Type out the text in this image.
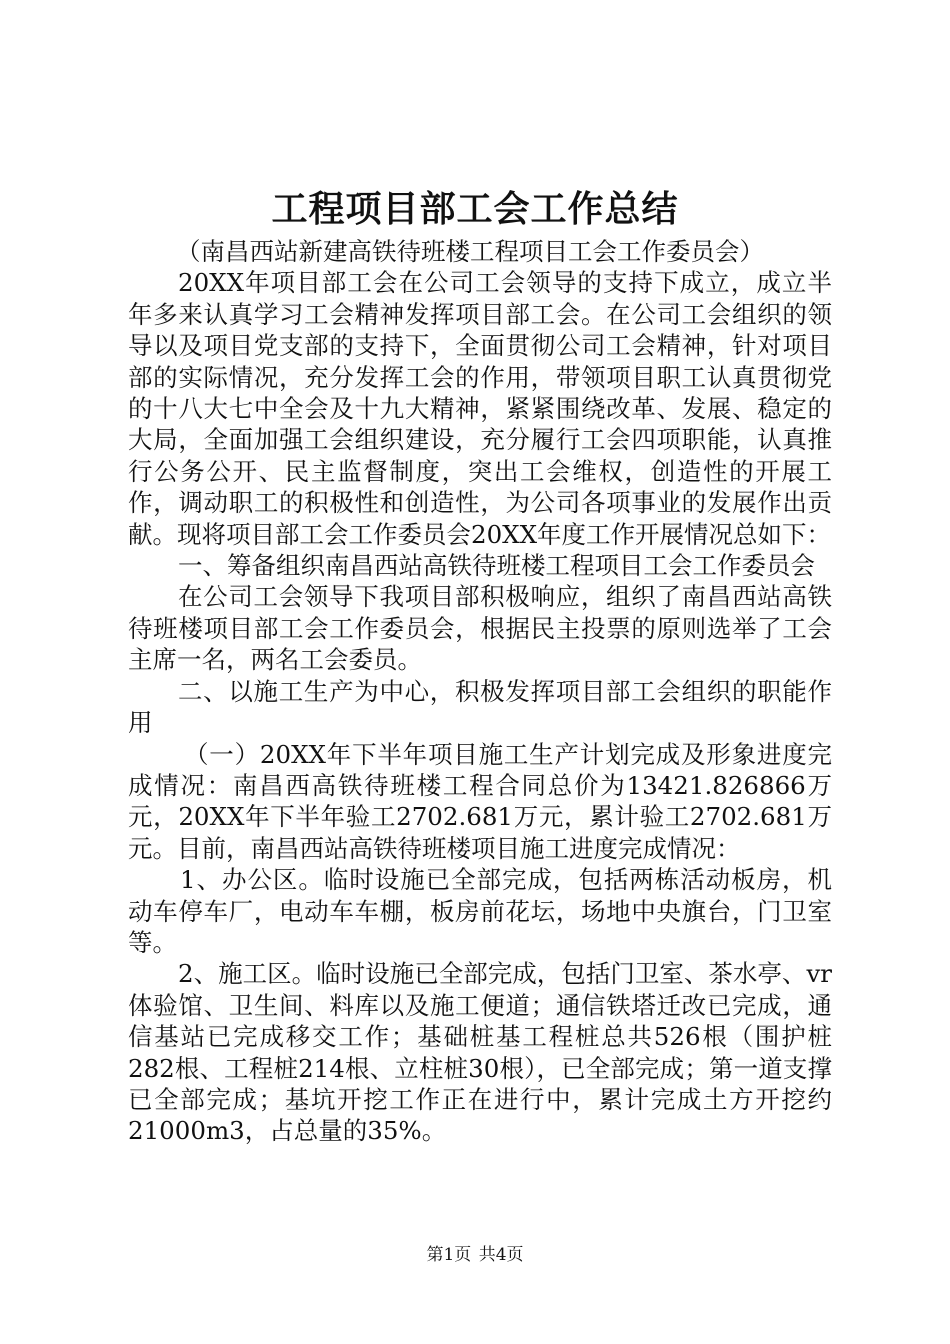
工程项目部工会工作总结

（南昌西站新建高铁待班楼工程项目工会工作委员会）

20XX年项目部工会在公司工会领导的支持下成立，成立半年多来认真学习工会精神发挥项目部工会。在公司工会组织的领导以及项目党支部的支持下，全面贯彻公司工会精神，针对项目部的实际情况，充分发挥工会的作用，带领项目职工认真贯彻党的十八大七中全会及十九大精神，紧紧围绕改革、发展、稳定的大局，全面加强工会组织建设，充分履行工会四项职能，认真推行公务公开、民主监督制度，突出工会维权，创造性的开展工作，调动职工的积极性和创造性，为公司各项事业的发展作出贡献。现将项目部工会工作委员会20XX年度工作开展情况总如下：

一、筹备组织南昌西站高铁待班楼工程项目工会工作委员会

在公司工会领导下我项目部积极响应，组织了南昌西站高铁待班楼项目部工会工作委员会，根据民主投票的原则选举了工会主席一名，两名工会委员。

二、以施工生产为中心，积极发挥项目部工会组织的职能作用

（一）20XX年下半年项目施工生产计划完成及形象进度完成情况：南昌西高铁待班楼工程合同总价为13421.826866万元，20XX年下半年验工2702.681万元，累计验工2702.681万元。目前，南昌西站高铁待班楼项目施工进度完成情况：

1、办公区。临时设施已全部完成，包括两栋活动板房，机动车停车厂，电动车车棚，板房前花坛，场地中央旗台，门卫室等。

2、施工区。临时设施已全部完成，包括门卫室、茶水亭、vr体验馆、卫生间、料库以及施工便道；通信铁塔迁改已完成，通信基站已完成移交工作；基础桩基工程桩总共526根（围护桩282根、工程桩214根、立柱桩30根），已全部完成；第一道支撑已全部完成；基坑开挖工作正在进行中，累计完成土方开挖约21000m3，占总量的35%。

第1页 共4页
